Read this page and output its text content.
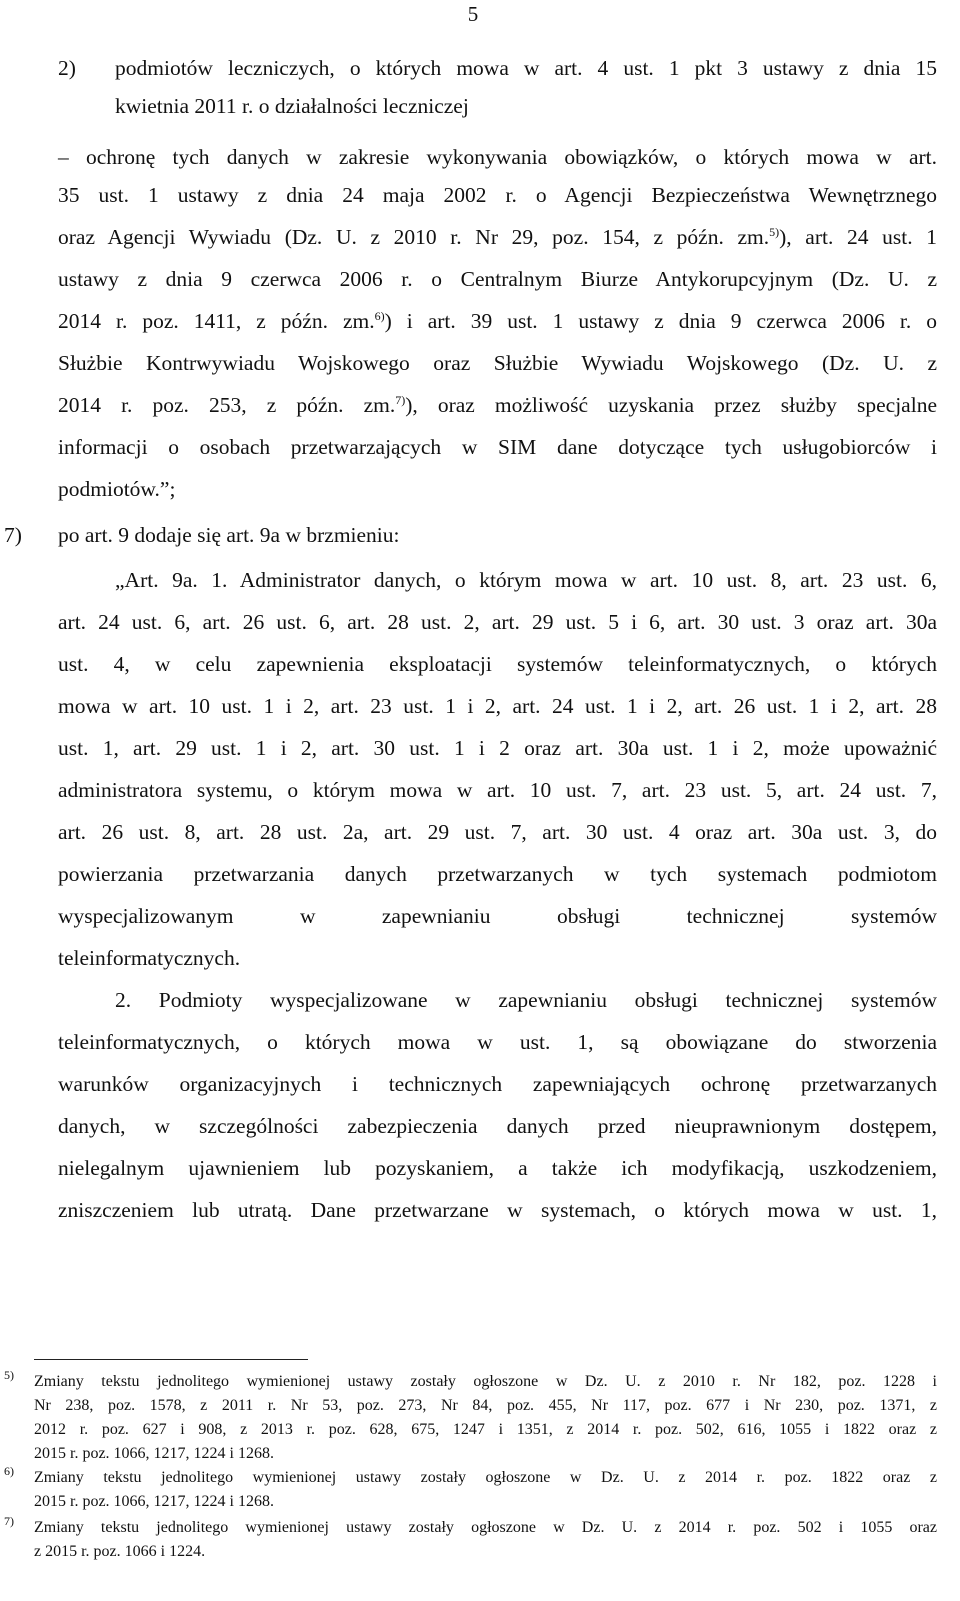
5
2) podmiotów leczniczych, o których mowa w art. 4 ust. 1 pkt 3 ustawy z dnia 15
kwietnia 2011 r. o działalności leczniczej
– ochronę tych danych w zakresie wykonywania obowiązków, o których mowa w art.
35 ust. 1 ustawy z dnia 24 maja 2002 r. o Agencji Bezpieczeństwa Wewnętrznego
oraz Agencji Wywiadu (Dz. U. z 2010 r. Nr 29, poz. 154, z późn. zm.$^{5)}$), art. 24 ust. 1
ustawy z dnia 9 czerwca 2006 r. o Centralnym Biurze Antykorupcyjnym (Dz. U. z
2014 r. poz. 1411, z późn. zm.$^{6)}$) i art. 39 ust. 1 ustawy z dnia 9 czerwca 2006 r. o
Służbie Kontrwywiadu Wojskowego oraz Służbie Wywiadu Wojskowego (Dz. U. z
2014 r. poz. 253, z późn. zm.$^{7)}$), oraz możliwość uzyskania przez służby specjalne
informacji o osobach przetwarzających w SIM dane dotyczące tych usługobiorców i
podmiotów.”;
7) po art. 9 dodaje się art. 9a w brzmieniu:
„Art. 9a. 1. Administrator danych, o którym mowa w art. 10 ust. 8, art. 23 ust. 6,
art. 24 ust. 6, art. 26 ust. 6, art. 28 ust. 2, art. 29 ust. 5 i 6, art. 30 ust. 3 oraz art. 30a
ust. 4, w celu zapewnienia eksploatacji systemów teleinformatycznych, o których
mowa w art. 10 ust. 1 i 2, art. 23 ust. 1 i 2, art. 24 ust. 1 i 2, art. 26 ust. 1 i 2, art. 28
ust. 1, art. 29 ust. 1 i 2, art. 30 ust. 1 i 2 oraz art. 30a ust. 1 i 2, może upoważnić
administratora systemu, o którym mowa w art. 10 ust. 7, art. 23 ust. 5, art. 24 ust. 7,
art. 26 ust. 8, art. 28 ust. 2a, art. 29 ust. 7, art. 30 ust. 4 oraz art. 30a ust. 3, do
powierzania przetwarzania danych przetwarzanych w tych systemach podmiotom
wyspecjalizowanym w zapewnianiu obsługi technicznej systemów
teleinformatycznych.
2. Podmioty wyspecjalizowane w zapewnianiu obsługi technicznej systemów
teleinformatycznych, o których mowa w ust. 1, są obowiązane do stworzenia
warunków organizacyjnych i technicznych zapewniających ochronę przetwarzanych
danych, w szczególności zabezpieczenia danych przed nieuprawnionym dostępem,
nielegalnym ujawnieniem lub pozyskaniem, a także ich modyfikacją, uszkodzeniem,
zniszczeniem lub utratą. Dane przetwarzane w systemach, o których mowa w ust. 1,
5) Zmiany tekstu jednolitego wymienionej ustawy zostały ogłoszone w Dz. U. z 2010 r. Nr 182, poz. 1228 i
Nr 238, poz. 1578, z 2011 r. Nr 53, poz. 273, Nr 84, poz. 455, Nr 117, poz. 677 i Nr 230, poz. 1371, z
2012 r. poz. 627 i 908, z 2013 r. poz. 628, 675, 1247 i 1351, z 2014 r. poz. 502, 616, 1055 i 1822 oraz z
2015 r. poz. 1066, 1217, 1224 i 1268.
6) Zmiany tekstu jednolitego wymienionej ustawy zostały ogłoszone w Dz. U. z 2014 r. poz. 1822 oraz z
2015 r. poz. 1066, 1217, 1224 i 1268.
7) Zmiany tekstu jednolitego wymienionej ustawy zostały ogłoszone w Dz. U. z 2014 r. poz. 502 i 1055 oraz
z 2015 r. poz. 1066 i 1224.
